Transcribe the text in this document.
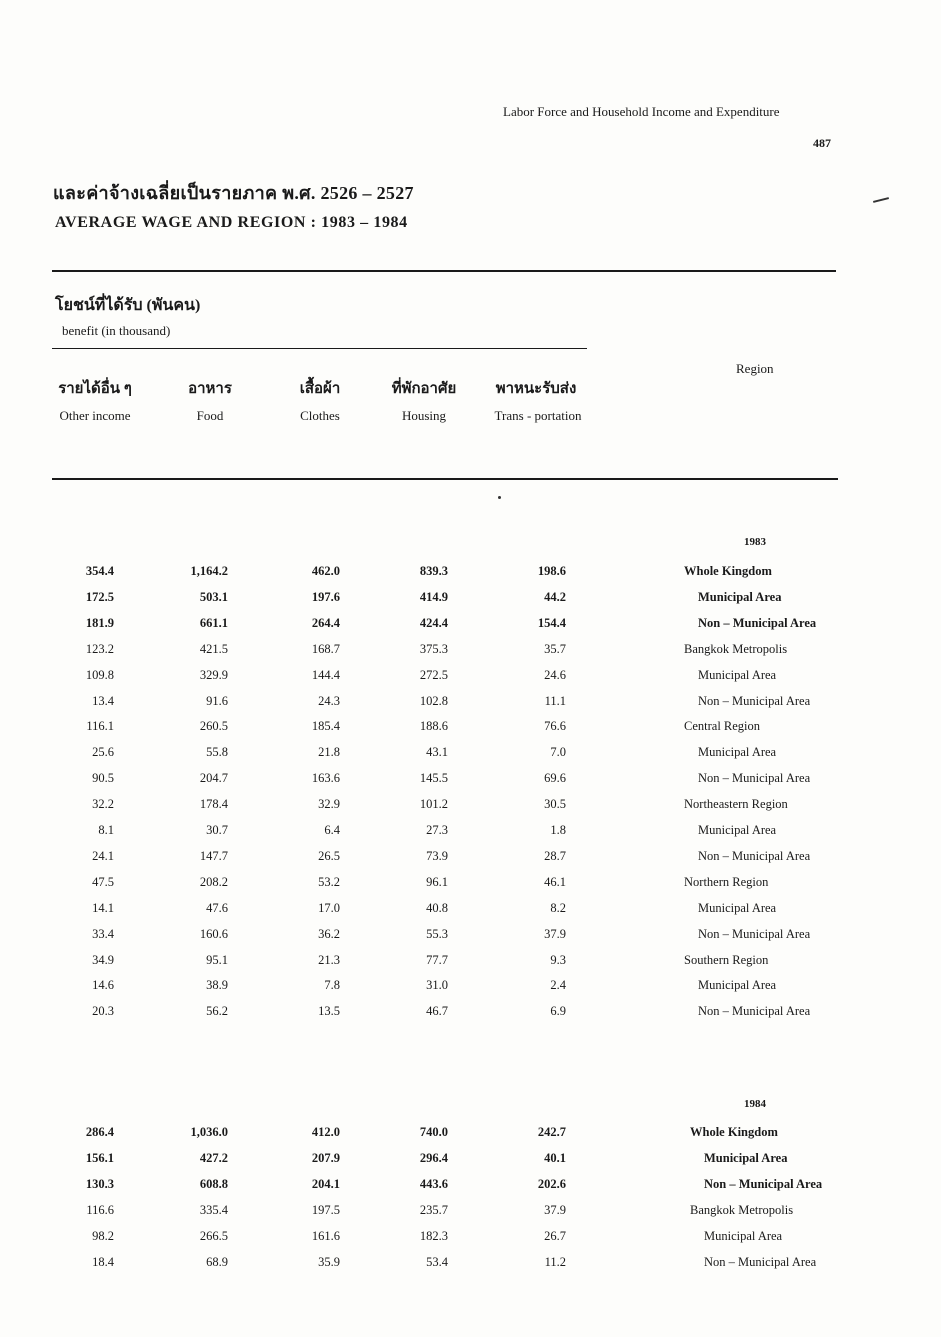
Labor Force and Household Income and Expenditure
487
และค่าจ้างเฉลี่ยเป็นรายภาค พ.ศ. 2526 – 2527
AVERAGE WAGE AND REGION : 1983 – 1984
โยชน์ที่ได้รับ (พันคน)
benefit (in thousand)
รายได้อื่น ๆ
Other income
อาหาร
Food
เสื้อผ้า
Clothes
ที่พักอาศัย
Housing
พาหนะรับส่ง
Trans - portation
Region
1983
354.4	1,164.2	462.0	839.3	198.6	Whole Kingdom
172.5	503.1	197.6	414.9	44.2	Municipal Area
181.9	661.1	264.4	424.4	154.4	Non – Municipal Area
123.2	421.5	168.7	375.3	35.7	Bangkok Metropolis
109.8	329.9	144.4	272.5	24.6	Municipal Area
13.4	91.6	24.3	102.8	11.1	Non – Municipal Area
116.1	260.5	185.4	188.6	76.6	Central Region
25.6	55.8	21.8	43.1	7.0	Municipal Area
90.5	204.7	163.6	145.5	69.6	Non – Municipal Area
32.2	178.4	32.9	101.2	30.5	Northeastern Region
8.1	30.7	6.4	27.3	1.8	Municipal Area
24.1	147.7	26.5	73.9	28.7	Non – Municipal Area
47.5	208.2	53.2	96.1	46.1	Northern Region
14.1	47.6	17.0	40.8	8.2	Municipal Area
33.4	160.6	36.2	55.3	37.9	Non – Municipal Area
34.9	95.1	21.3	77.7	9.3	Southern Region
14.6	38.9	7.8	31.0	2.4	Municipal Area
20.3	56.2	13.5	46.7	6.9	Non – Municipal Area
1984
286.4	1,036.0	412.0	740.0	242.7	Whole Kingdom
156.1	427.2	207.9	296.4	40.1	Municipal Area
130.3	608.8	204.1	443.6	202.6	Non – Municipal Area
116.6	335.4	197.5	235.7	37.9	Bangkok Metropolis
98.2	266.5	161.6	182.3	26.7	Municipal Area
18.4	68.9	35.9	53.4	11.2	Non – Municipal Area
